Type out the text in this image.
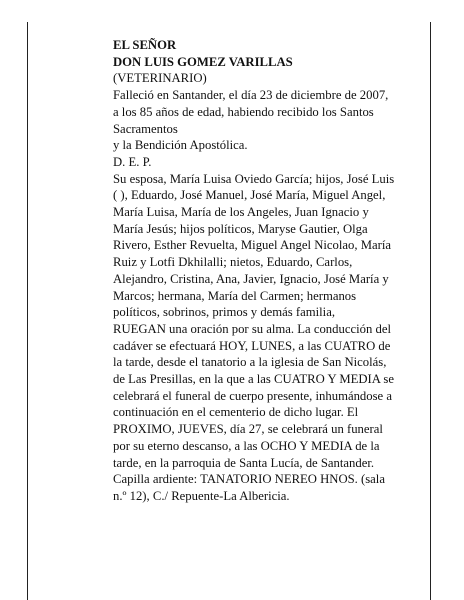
EL SEÑOR
DON LUIS GOMEZ VARILLAS
(VETERINARIO)
Falleció en Santander, el día 23 de diciembre de 2007,
a los 85 años de edad, habiendo recibido los Santos
Sacramentos
y la Bendición Apostólica.
D. E. P.
Su esposa, María Luisa Oviedo García; hijos, José Luis
( ), Eduardo, José Manuel, José María, Miguel Angel,
María Luisa, María de los Angeles, Juan Ignacio y
María Jesús; hijos políticos, Maryse Gautier, Olga
Rivero, Esther Revuelta, Miguel Angel Nicolao, María
Ruiz y Lotfi Dkhilalli; nietos, Eduardo, Carlos,
Alejandro, Cristina, Ana, Javier, Ignacio, José María y
Marcos; hermana, María del Carmen; hermanos
políticos, sobrinos, primos y demás familia,
RUEGAN una oración por su alma. La conducción del
cadáver se efectuará HOY, LUNES, a las CUATRO de
la tarde, desde el tanatorio a la iglesia de San Nicolás,
de Las Presillas, en la que a las CUATRO Y MEDIA se
celebrará el funeral de cuerpo presente, inhumándose a
continuación en el cementerio de dicho lugar. El
PROXIMO, JUEVES, día 27, se celebrará un funeral
por su eterno descanso, a las OCHO Y MEDIA de la
tarde, en la parroquia de Santa Lucía, de Santander.
Capilla ardiente: TANATORIO NEREO HNOS. (sala
n.º 12), C./ Repuente-La Albericia.
